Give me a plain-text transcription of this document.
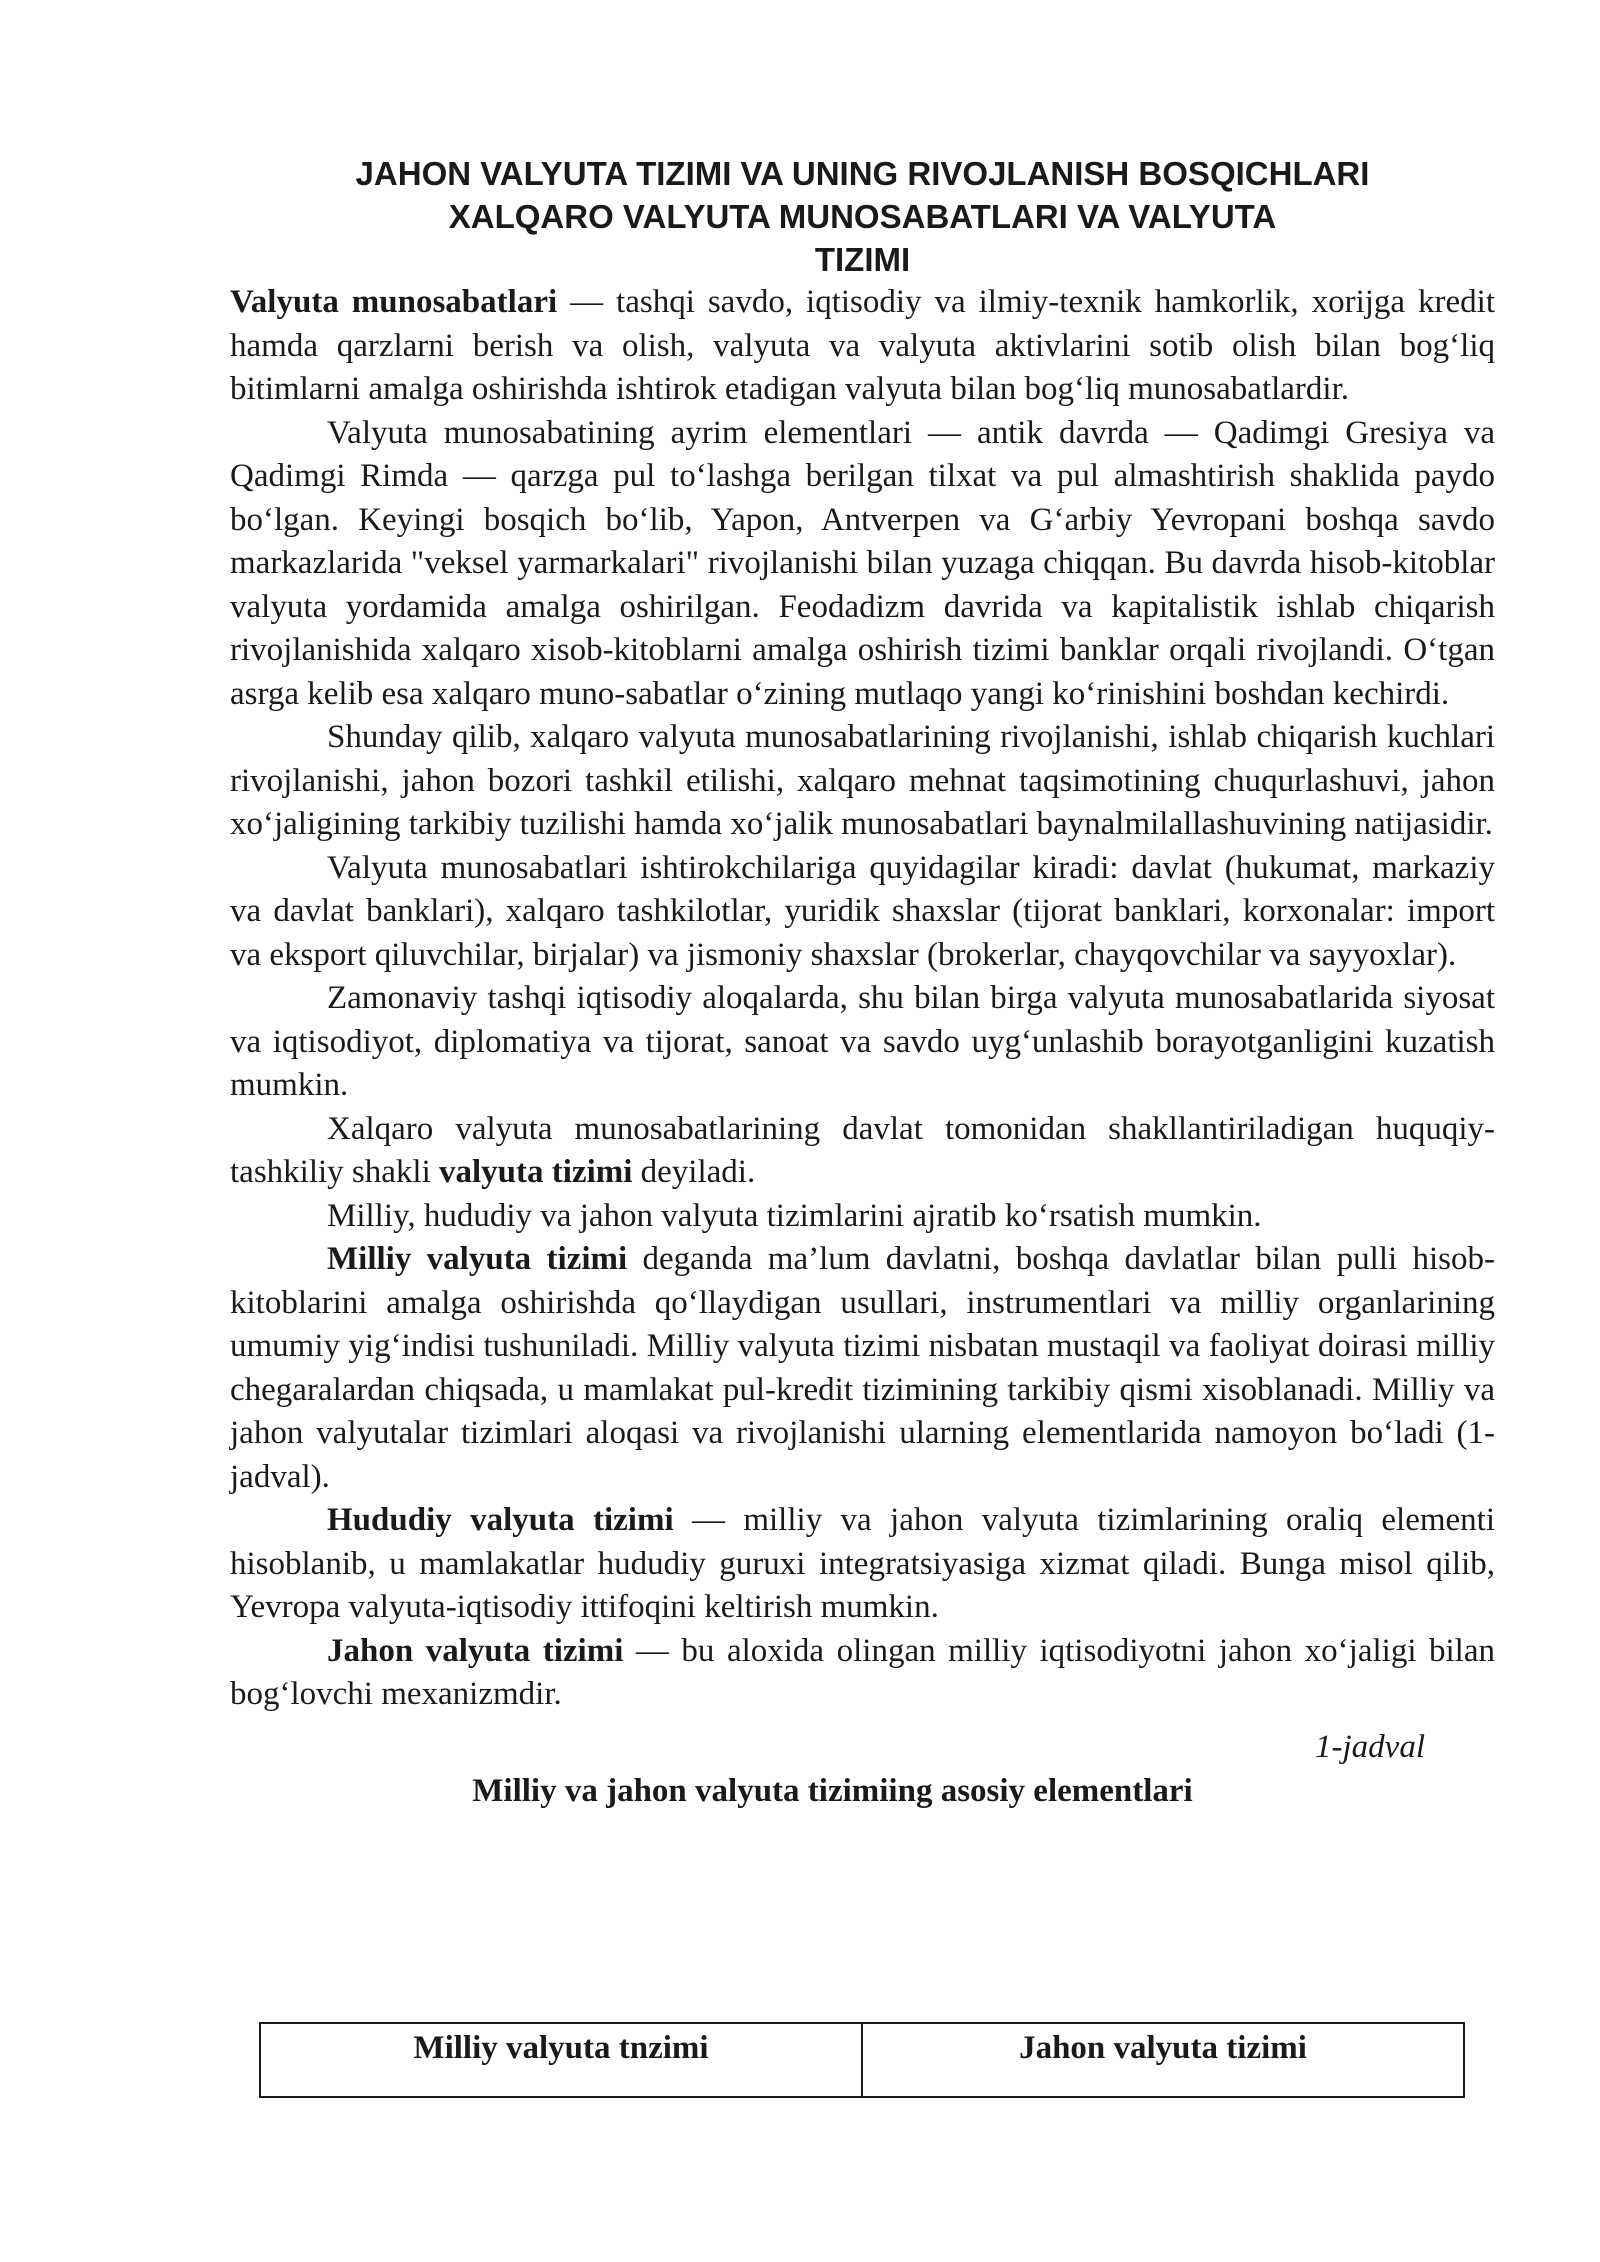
JAHON VALYUTA TIZIMI VA UNING RIVOJLANISH BOSQICHLARI
XALQARO VALYUTA MUNOSABATLARI VA VALYUTA
TIZIMI

Valyuta munosabatlari — tashqi savdo, iqtisodiy va ilmiy-texnik hamkorlik, xorijga kredit hamda qarzlarni berish va olish, valyuta va valyuta aktivlarini sotib olish bilan bog‘liq bitimlarni amalga oshirishda ishtirok etadigan valyuta bilan bog‘liq munosabatlardir.

Valyuta munosabatining ayrim elementlari — antik davrda — Qadimgi Gresiya va Qadimgi Rimda — qarzga pul to‘lashga berilgan tilxat va pul almashtirish shaklida paydo bo‘lgan. Keyingi bosqich bo‘lib, Yapon, Antverpen va G‘arbiy Yevropani boshqa savdo markazlarida "veksel yarmarkalari" rivojlanishi bilan yuzaga chiqqan. Bu davrda hisob-kitoblar valyuta yordamida amalga oshirilgan. Feodadizm davrida va kapitalistik ishlab chiqarish rivojlanishida xalqaro xisob-kitoblarni amalga oshirish tizimi banklar orqali rivojlandi. O‘tgan asrga kelib esa xalqaro muno-sabatlar o‘zining mutlaqo yangi ko‘rinishini boshdan kechirdi.

Shunday qilib, xalqaro valyuta munosabatlarining rivojlanishi, ishlab chiqarish kuchlari rivojlanishi, jahon bozori tashkil etilishi, xalqaro mehnat taqsimotining chuqurlashuvi, jahon xo‘jaligining tarkibiy tuzilishi hamda xo‘jalik munosabatlari baynalmilallashuvining natijasidir.

Valyuta munosabatlari ishtirokchilariga quyidagilar kiradi: davlat (hukumat, markaziy va davlat banklari), xalqaro tashkilotlar, yuridik shaxslar (tijorat banklari, korxonalar: import va eksport qiluvchilar, birjalar) va jismoniy shaxslar (brokerlar, chayqovchilar va sayyoxlar).

Zamonaviy tashqi iqtisodiy aloqalarda, shu bilan birga valyuta munosabatlarida siyosat va iqtisodiyot, diplomatiya va tijorat, sanoat va savdo uyg‘unlashib borayotganligini kuzatish mumkin.

Xalqaro valyuta munosabatlarining davlat tomonidan shakllantiriladigan huquqiy-tashkiliy shakli valyuta tizimi deyiladi.

Milliy, hududiy va jahon valyuta tizimlarini ajratib ko‘rsatish mumkin.

Milliy valyuta tizimi deganda ma’lum davlatni, boshqa davlatlar bilan pulli hisob-kitoblarini amalga oshirishda qo‘llaydigan usullari, instrumentlari va milliy organlarining umumiy yig‘indisi tushuniladi. Milliy valyuta tizimi nisbatan mustaqil va faoliyat doirasi milliy chegaralardan chiqsada, u mamlakat pul-kredit tizimining tarkibiy qismi xisoblanadi. Milliy va jahon valyutalar tizimlari aloqasi va rivojlanishi ularning elementlarida namoyon bo‘ladi (1-jadval).

Hududiy valyuta tizimi — milliy va jahon valyuta tizimlarining oraliq elementi hisoblanib, u mamlakatlar hududiy guruxi integratsiyasiga xizmat qiladi. Bunga misol qilib, Yevropa valyuta-iqtisodiy ittifoqini keltirish mumkin.

Jahon valyuta tizimi — bu aloxida olingan milliy iqtisodiyotni jahon xo‘jaligi bilan bog‘lovchi mexanizmdir.

1-jadval
Milliy va jahon valyuta tizimiing asosiy elementlari
Milliy valyuta tnzimi	Jahon valyuta tizimi
